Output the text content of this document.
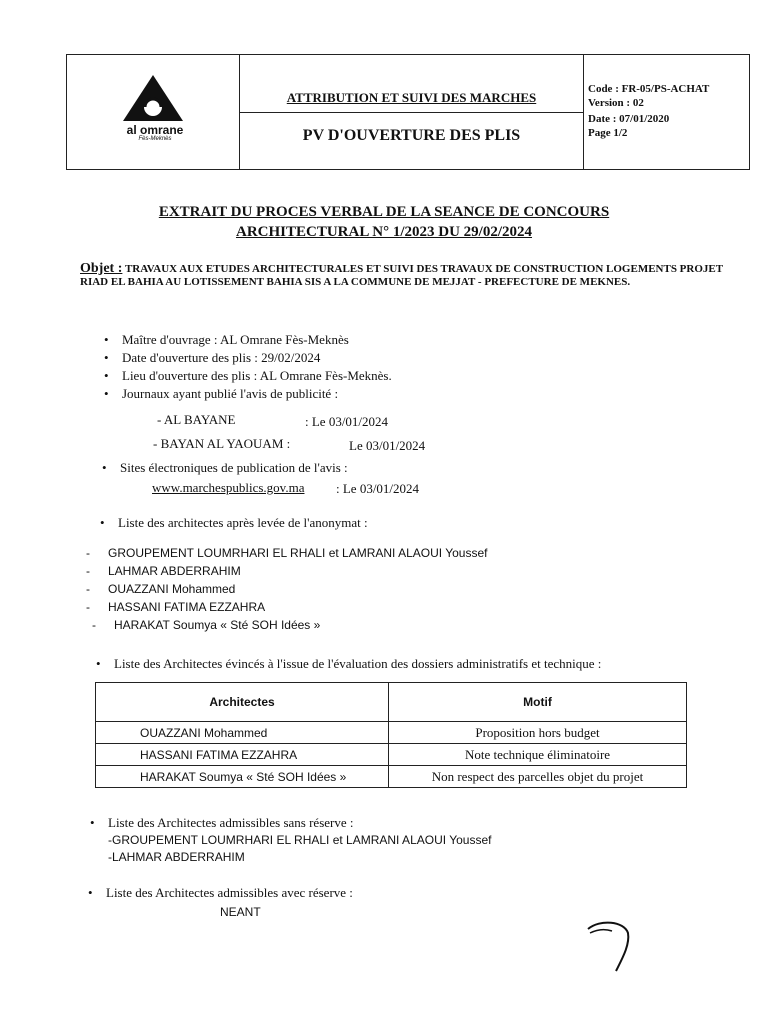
al omrane
Fès-Meknès
ATTRIBUTION ET SUIVI DES MARCHES
PV D'OUVERTURE DES PLIS
Code : FR-05/PS-ACHAT
Version : 02
Date : 07/01/2020
Page 1/2
EXTRAIT DU PROCES VERBAL DE LA SEANCE DE CONCOURS
ARCHITECTURAL N° 1/2023 DU 29/02/2024
Objet : TRAVAUX AUX ETUDES ARCHITECTURALES ET SUIVI DES TRAVAUX DE CONSTRUCTION LOGEMENTS PROJET RIAD EL BAHIA AU LOTISSEMENT BAHIA SIS A LA COMMUNE DE MEJJAT - PREFECTURE DE MEKNES.
• Maître d'ouvrage : AL Omrane Fès-Meknès
• Date d'ouverture des plis : 29/02/2024
• Lieu d'ouverture des plis : AL Omrane Fès-Meknès.
• Journaux ayant publié l'avis de publicité :
- AL BAYANE	: Le 03/01/2024
- BAYAN AL YAOUAM :	Le 03/01/2024
• Sites électroniques de publication de l'avis :
www.marchespublics.gov.ma : Le 03/01/2024
• Liste des architectes après levée de l'anonymat :
- GROUPEMENT LOUMRHARI EL RHALI et LAMRANI ALAOUI Youssef
- LAHMAR ABDERRAHIM
- OUAZZANI Mohammed
- HASSANI FATIMA EZZAHRA
- HARAKAT Soumya « Sté SOH Idées »
• Liste des Architectes évincés à l'issue de l'évaluation des dossiers administratifs et technique :
Architectes	Motif
OUAZZANI Mohammed	Proposition hors budget
HASSANI FATIMA EZZAHRA	Note technique éliminatoire
HARAKAT Soumya « Sté SOH Idées »	Non respect des parcelles objet du projet
• Liste des Architectes admissibles sans réserve :
-GROUPEMENT LOUMRHARI EL RHALI et LAMRANI ALAOUI Youssef
-LAHMAR ABDERRAHIM
• Liste des Architectes admissibles avec réserve :
NEANT
